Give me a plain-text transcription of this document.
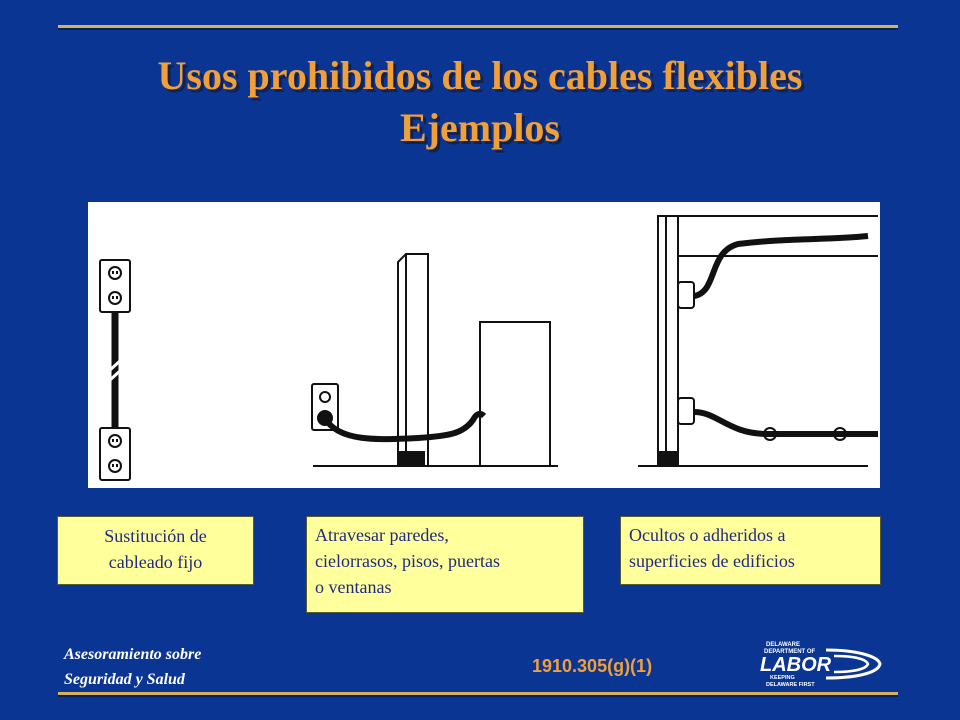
Usos prohibidos de los cables flexibles
Ejemplos
Sustitución de
cableado fijo
Atravesar paredes,
cielorrasos, pisos, puertas
o ventanas
Ocultos o adheridos a
superficies de edificios
Asesoramiento sobre
Seguridad y Salud
1910.305(g)(1)
DELAWARE
DEPARTMENT OF
LABOR
KEEPING
DELAWARE FIRST
